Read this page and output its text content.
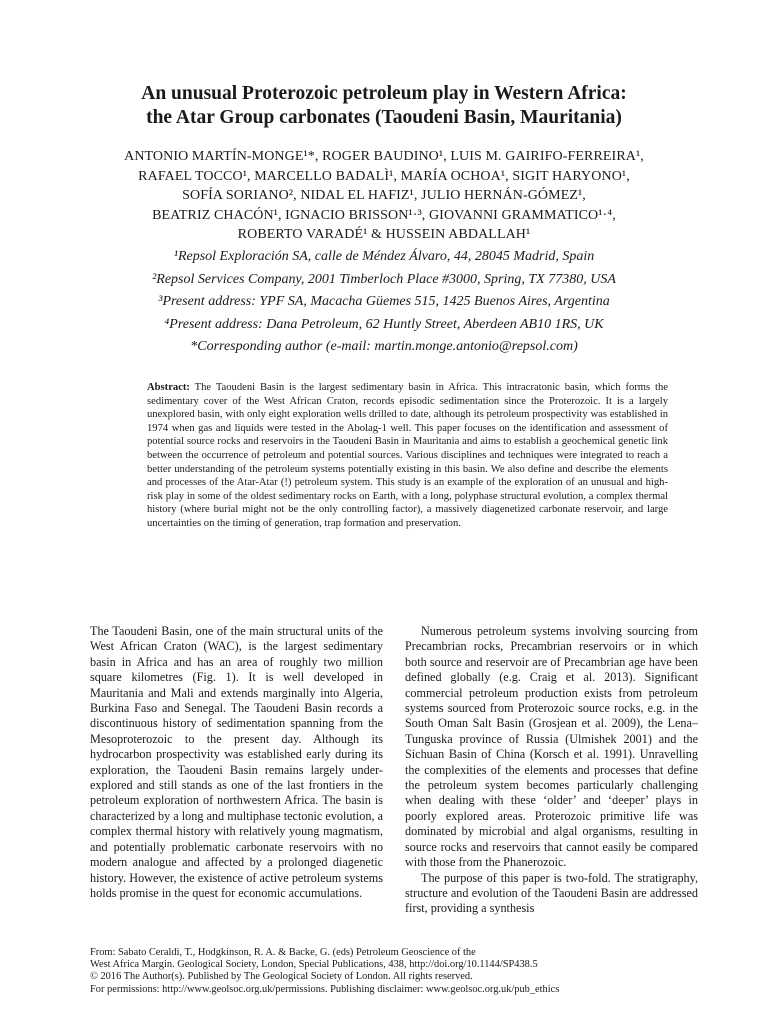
An unusual Proterozoic petroleum play in Western Africa:
the Atar Group carbonates (Taoudeni Basin, Mauritania)
ANTONIO MARTÍN-MONGE¹*, ROGER BAUDINO¹, LUIS M. GAIRIFO-FERREIRA¹,
RAFAEL TOCCO¹, MARCELLO BADALÌ¹, MARÍA OCHOA¹, SIGIT HARYONO¹,
SOFÍA SORIANO², NIDAL EL HAFIZ¹, JULIO HERNÁN-GÓMEZ¹,
BEATRIZ CHACÓN¹, IGNACIO BRISSON¹·³, GIOVANNI GRAMMATICO¹·⁴,
ROBERTO VARADÉ¹ & HUSSEIN ABDALLAH¹
¹Repsol Exploración SA, calle de Méndez Álvaro, 44, 28045 Madrid, Spain
²Repsol Services Company, 2001 Timberloch Place #3000, Spring, TX 77380, USA
³Present address: YPF SA, Macacha Güemes 515, 1425 Buenos Aires, Argentina
⁴Present address: Dana Petroleum, 62 Huntly Street, Aberdeen AB10 1RS, UK
*Corresponding author (e-mail: martin.monge.antonio@repsol.com)

Abstract: The Taoudeni Basin is the largest sedimentary basin in Africa. This intracratonic basin, which forms the sedimentary cover of the West African Craton, records episodic sedimentation since the Proterozoic. It is a largely unexplored basin, with only eight exploration wells drilled to date, although its petroleum prospectivity was established in 1974 when gas and liquids were tested in the Abolag-1 well. This paper focuses on the identification and assessment of potential source rocks and reservoirs in the Taoudeni Basin in Mauritania and aims to establish a geochemical genetic link between the occurrence of petroleum and potential sources. Various disciplines and techniques were integrated to reach a better understanding of the petroleum systems potentially existing in this basin. We also define and describe the elements and processes of the Atar-Atar (!) petroleum system. This study is an example of the exploration of an unusual and high-risk play in some of the oldest sedimentary rocks on Earth, with a long, polyphase structural evolution, a complex thermal history (where burial might not be the only controlling factor), a massively diagenetized carbonate reservoir, and large uncertainties on the timing of generation, trap formation and preservation.

The Taoudeni Basin, one of the main structural units of the West African Craton (WAC), is the largest sedimentary basin in Africa and has an area of roughly two million square kilometres (Fig. 1). It is well developed in Mauritania and Mali and extends marginally into Algeria, Burkina Faso and Senegal. The Taoudeni Basin records a discontinuous history of sedimentation spanning from the Mesoproterozoic to the present day. Although its hydrocarbon prospectivity was established early during its exploration, the Taoudeni Basin remains largely under-explored and still stands as one of the last frontiers in the petroleum exploration of northwestern Africa. The basin is characterized by a long and multiphase tectonic evolution, a complex thermal history with relatively young magmatism, and potentially problematic carbonate reservoirs with no modern analogue and affected by a prolonged diagenetic history. However, the existence of active petroleum systems holds promise in the quest for economic accumulations.

Numerous petroleum systems involving sourcing from Precambrian rocks, Precambrian reservoirs or in which both source and reservoir are of Precambrian age have been defined globally (e.g. Craig et al. 2013). Significant commercial petroleum production exists from petroleum systems sourced from Proterozoic source rocks, e.g. in the South Oman Salt Basin (Grosjean et al. 2009), the Lena–Tunguska province of Russia (Ulmishek 2001) and the Sichuan Basin of China (Korsch et al. 1991). Unravelling the complexities of the elements and processes that define the petroleum system becomes particularly challenging when dealing with these ‘older’ and ‘deeper’ plays in poorly explored areas. Proterozoic primitive life was dominated by microbial and algal organisms, resulting in source rocks and reservoirs that cannot easily be compared with those from the Phanerozoic.

The purpose of this paper is two-fold. The stratigraphy, structure and evolution of the Taoudeni Basin are addressed first, providing a synthesis

From: Sabato Ceraldi, T., Hodgkinson, R. A. & Backe, G. (eds) Petroleum Geoscience of the
West Africa Margin. Geological Society, London, Special Publications, 438, http://doi.org/10.1144/SP438.5
© 2016 The Author(s). Published by The Geological Society of London. All rights reserved.
For permissions: http://www.geolsoc.org.uk/permissions. Publishing disclaimer: www.geolsoc.org.uk/pub_ethics
